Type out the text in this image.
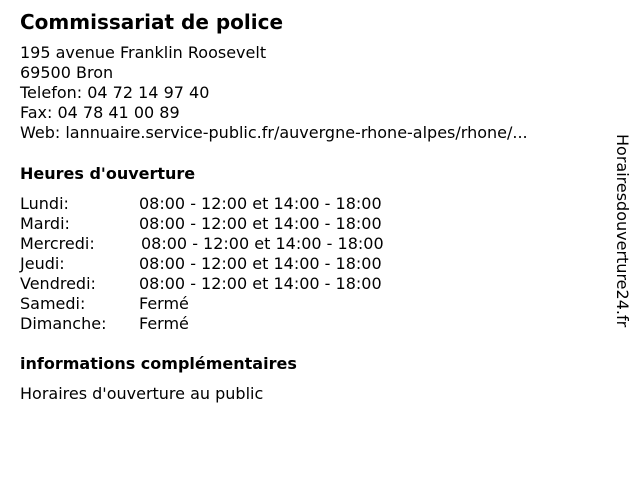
Commissariat de police
195 avenue Franklin Roosevelt
69500 Bron
Telefon: 04 72 14 97 40
Fax: 04 78 41 00 89
Web: lannuaire.service-public.fr/auvergne-rhone-alpes/rhone/...
Heures d'ouverture
Lundi:	08:00 - 12:00 et 14:00 - 18:00
Mardi:	08:00 - 12:00 et 14:00 - 18:00
Mercredi:	08:00 - 12:00 et 14:00 - 18:00
Jeudi:	08:00 - 12:00 et 14:00 - 18:00
Vendredi:	08:00 - 12:00 et 14:00 - 18:00
Samedi:	Fermé
Dimanche: Fermé
informations complémentaires
Horaires d'ouverture au public
Horairesdouverture24.fr
